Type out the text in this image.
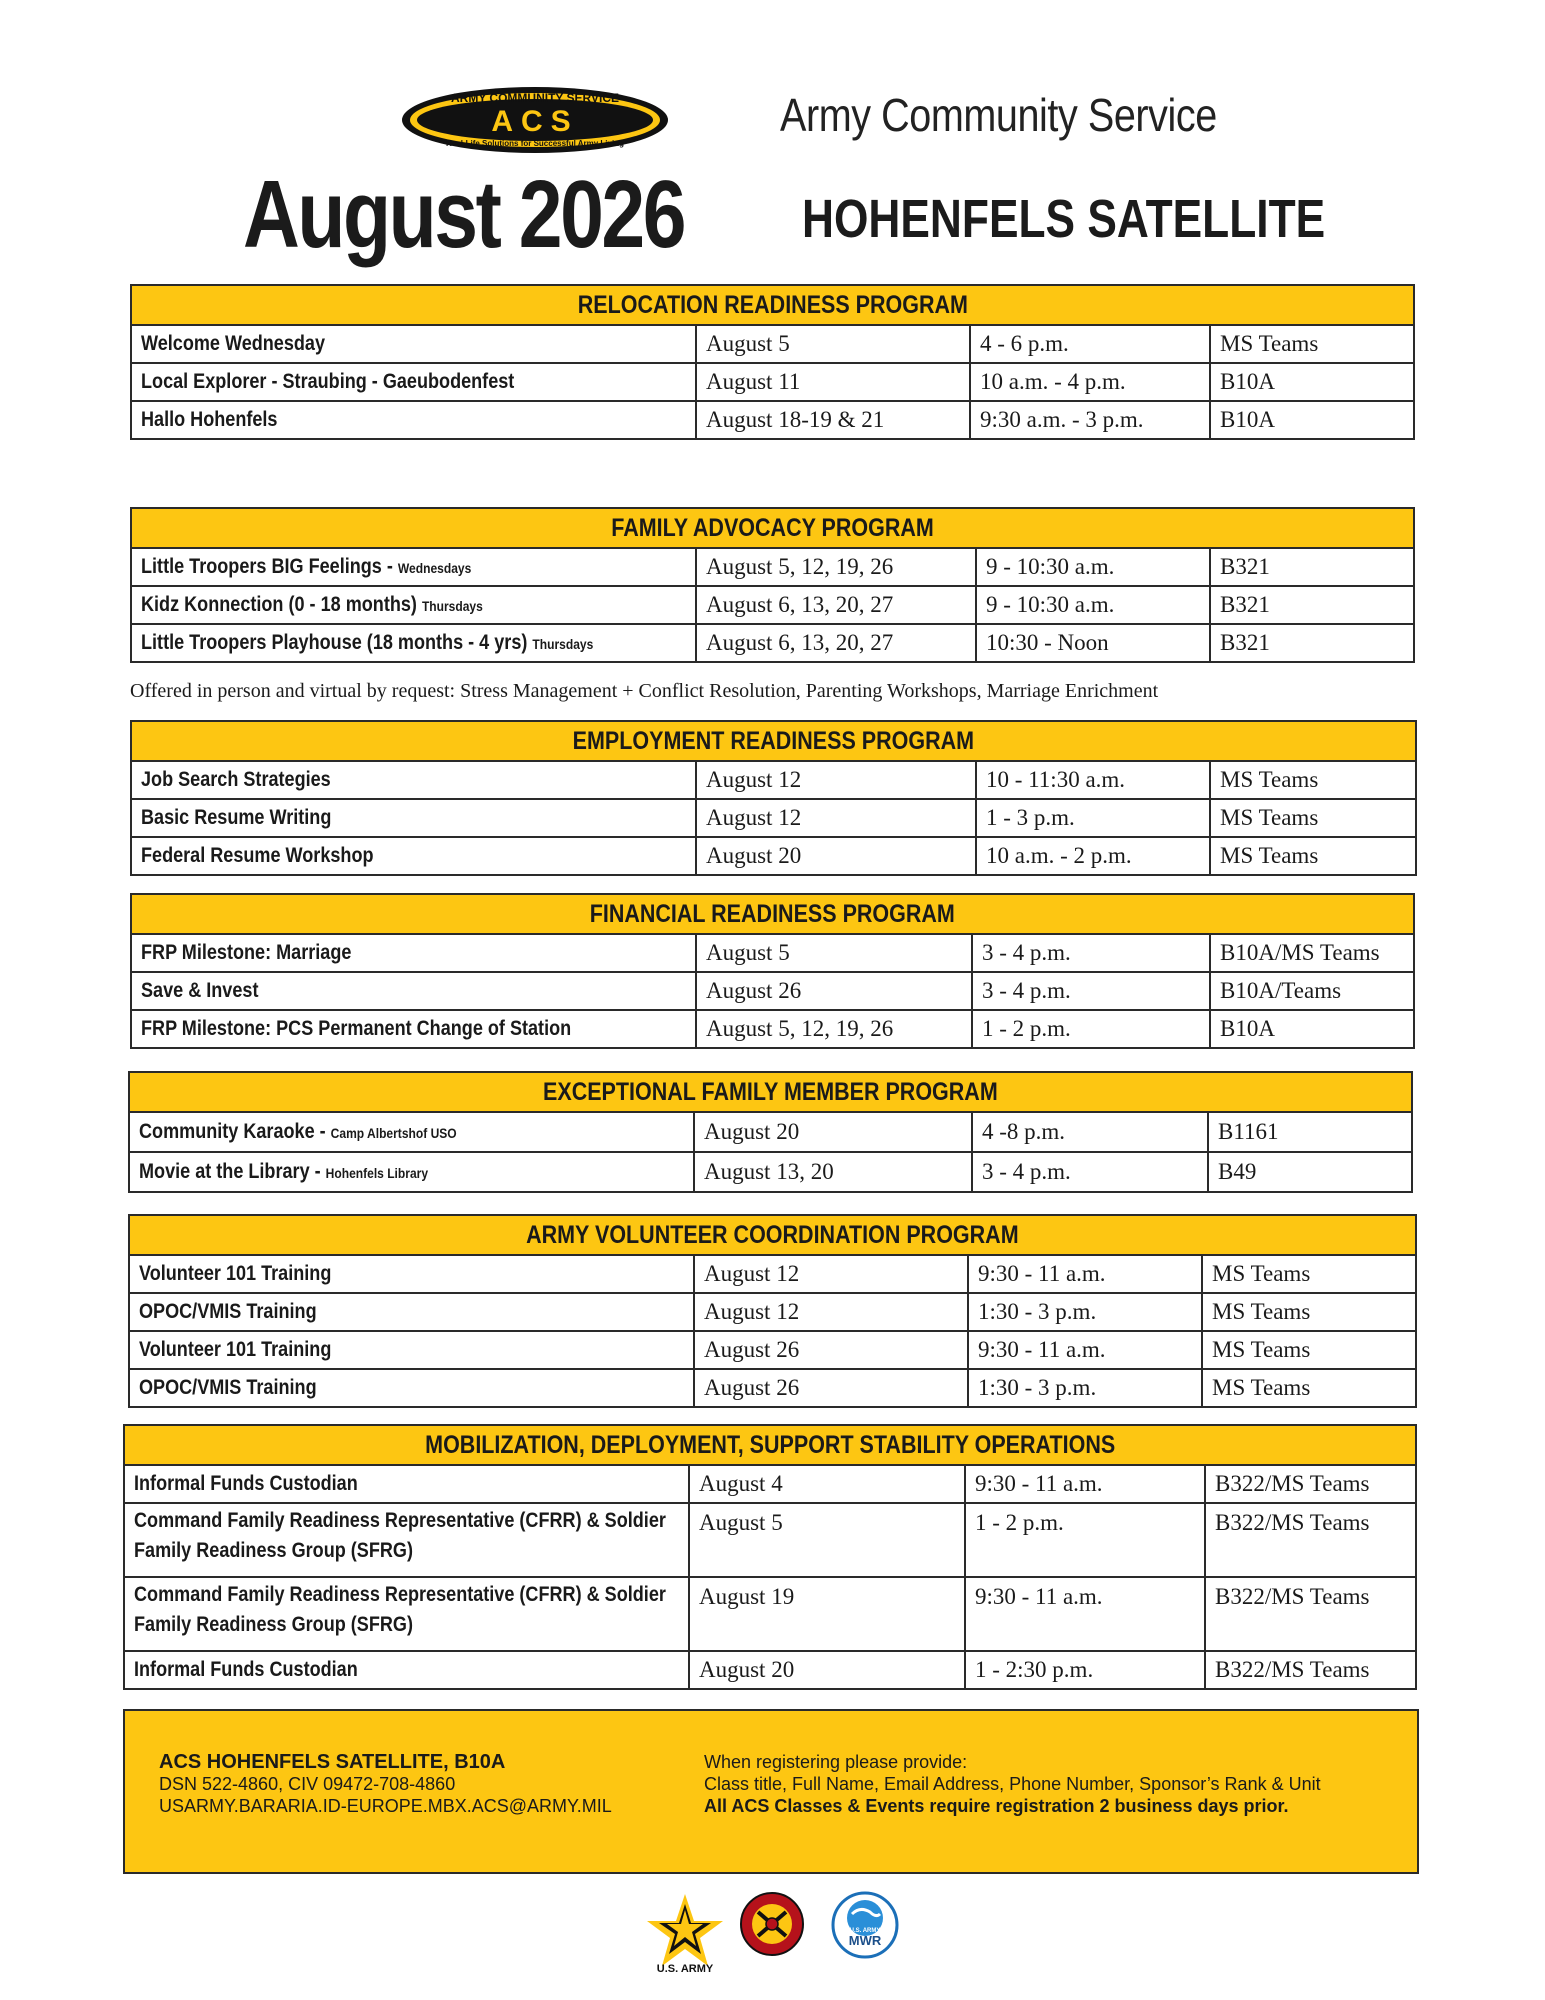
ARMY COMMUNITY SERVICE
ACS
Real-Life Solutions for Successful Army Living
Army Community Service
August 2026 HOHENFELS SATELLITE
RELOCATION READINESS PROGRAM			
Welcome Wednesday	August 5	4 - 6 p.m.	MS Teams
Local Explorer - Straubing - Gaeubodenfest	August 11	10 a.m. - 4 p.m.	B10A
Hallo Hohenfels	August 18-19 & 21	9:30 a.m. - 3 p.m.	B10A
FAMILY ADVOCACY PROGRAM			
Little Troopers BIG Feelings - Wednesdays	August 5, 12, 19, 26	9 - 10:30 a.m.	B321
Kidz Konnection (0 - 18 months) Thursdays	August 6, 13, 20, 27	9 - 10:30 a.m.	B321
Little Troopers Playhouse (18 months - 4 yrs) Thursdays	August 6, 13, 20, 27	10:30 - Noon	B321
Offered in person and virtual by request: Stress Management + Conflict Resolution, Parenting Workshops, Marriage Enrichment
EMPLOYMENT READINESS PROGRAM			
Job Search Strategies	August 12	10 - 11:30 a.m.	MS Teams
Basic Resume Writing	August 12	1 - 3 p.m.	MS Teams
Federal Resume Workshop	August 20	10 a.m. - 2 p.m.	MS Teams
FINANCIAL READINESS PROGRAM			
FRP Milestone: Marriage	August 5	3 - 4 p.m.	B10A/MS Teams
Save & Invest	August 26	3 - 4 p.m.	B10A/Teams
FRP Milestone: PCS Permanent Change of Station	August 5, 12, 19, 26	1 - 2 p.m.	B10A
EXCEPTIONAL FAMILY MEMBER PROGRAM			
Community Karaoke - Camp Albertshof USO	August 20	4 -8 p.m.	B1161
Movie at the Library - Hohenfels Library	August 13, 20	3 - 4 p.m.	B49
ARMY VOLUNTEER COORDINATION PROGRAM			
Volunteer 101 Training	August 12	9:30 - 11 a.m.	MS Teams
OPOC/VMIS Training	August 12	1:30 - 3 p.m.	MS Teams
Volunteer 101 Training	August 26	9:30 - 11 a.m.	MS Teams
OPOC/VMIS Training	August 26	1:30 - 3 p.m.	MS Teams
MOBILIZATION, DEPLOYMENT, SUPPORT STABILITY OPERATIONS			
Informal Funds Custodian	August 4	9:30 - 11 a.m.	B322/MS Teams
Command Family Readiness Representative (CFRR) & Soldier Family Readiness Group (SFRG)	August 5	1 - 2 p.m.	B322/MS Teams
Command Family Readiness Representative (CFRR) & Soldier Family Readiness Group (SFRG)	August 19	9:30 - 11 a.m.	B322/MS Teams
Informal Funds Custodian	August 20	1 - 2:30 p.m.	B322/MS Teams
ACS HOHENFELS SATELLITE, B10A
DSN 522-4860, CIV 09472-708-4860
USARMY.BARARIA.ID-EUROPE.MBX.ACS@ARMY.MIL
When registering please provide:
Class title, Full Name, Email Address, Phone Number, Sponsor’s Rank & Unit
All ACS Classes & Events require registration 2 business days prior.
U.S. ARMY
U.S. ARMY
MWR
